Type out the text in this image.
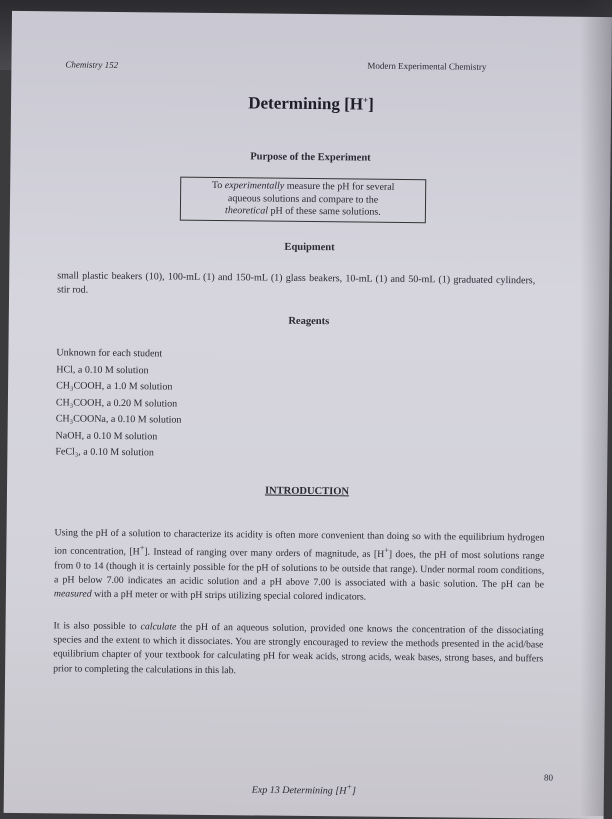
Chemistry 152	Modern Experimental Chemistry
Determining [H+]
Purpose of the Experiment
To experimentally measure the pH for several
aqueous solutions and compare to the
theoretical pH of these same solutions.
Equipment
small plastic beakers (10), 100-mL (1) and 150-mL (1) glass beakers, 10-mL (1) and 50-mL (1) graduated cylinders, stir rod.
Reagents
Unknown for each student
HCl, a 0.10 M solution
CH₃COOH, a 1.0 M solution
CH₃COOH, a 0.20 M solution
CH₃COONa, a 0.10 M solution
NaOH, a 0.10 M solution
FeCl₃, a 0.10 M solution
INTRODUCTION
Using the pH of a solution to characterize its acidity is often more convenient than doing so with the equilibrium hydrogen ion concentration, [H+]. Instead of ranging over many orders of magnitude, as [H+] does, the pH of most solutions range from 0 to 14 (though it is certainly possible for the pH of solutions to be outside that range). Under normal room conditions, a pH below 7.00 indicates an acidic solution and a pH above 7.00 is associated with a basic solution. The pH can be measured with a pH meter or with pH strips utilizing special colored indicators.
It is also possible to calculate the pH of an aqueous solution, provided one knows the concentration of the dissociating species and the extent to which it dissociates. You are strongly encouraged to review the methods presented in the acid/base equilibrium chapter of your textbook for calculating pH for weak acids, strong acids, weak bases, strong bases, and buffers prior to completing the calculations in this lab.
80
Exp 13 Determining [H+]
